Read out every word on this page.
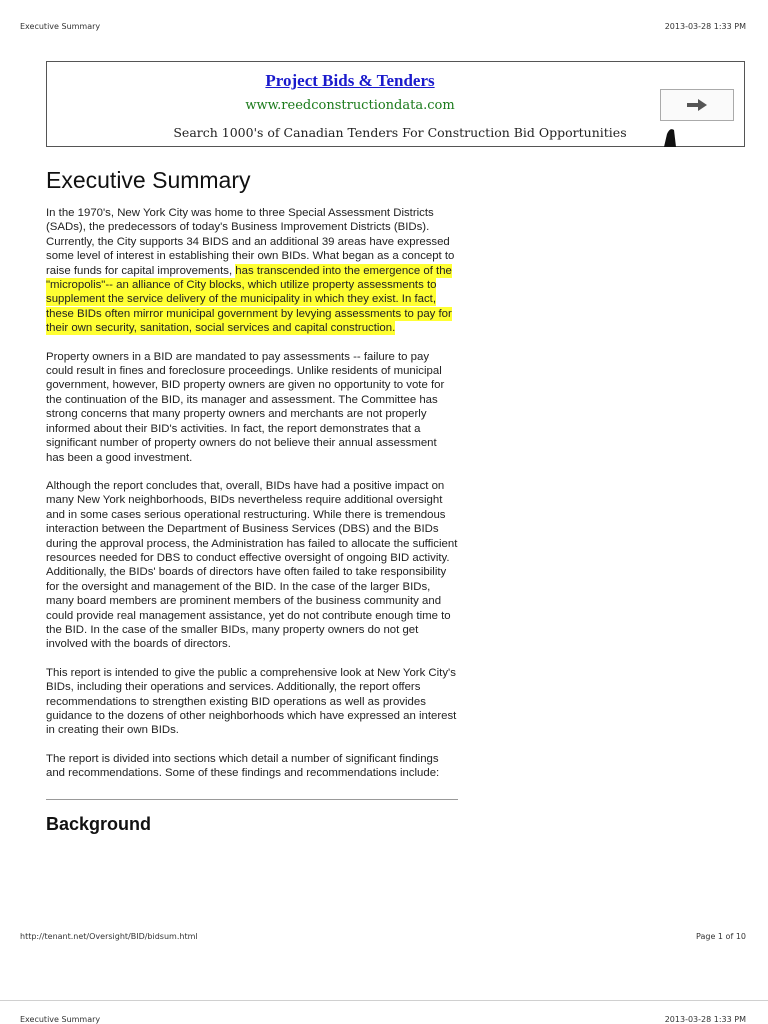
Executive Summary	2013-03-28 1:33 PM
Project Bids & Tenders
www.reedconstructiondata.com
Search 1000's of Canadian Tenders For Construction Bid Opportunities
Executive Summary

In the 1970's, New York City was home to three Special Assessment Districts (SADs), the predecessors of today's Business Improvement Districts (BIDs). Currently, the City supports 34 BIDS and an additional 39 areas have expressed some level of interest in establishing their own BIDs. What began as a concept to raise funds for capital improvements, has transcended into the emergence of the "micropolis"-- an alliance of City blocks, which utilize property assessments to supplement the service delivery of the municipality in which they exist. In fact, these BIDs often mirror municipal government by levying assessments to pay for their own security, sanitation, social services and capital construction.

Property owners in a BID are mandated to pay assessments -- failure to pay could result in fines and foreclosure proceedings. Unlike residents of municipal government, however, BID property owners are given no opportunity to vote for the continuation of the BID, its manager and assessment. The Committee has strong concerns that many property owners and merchants are not properly informed about their BID's activities. In fact, the report demonstrates that a significant number of property owners do not believe their annual assessment has been a good investment.

Although the report concludes that, overall, BIDs have had a positive impact on many New York neighborhoods, BIDs nevertheless require additional oversight and in some cases serious operational restructuring. While there is tremendous interaction between the Department of Business Services (DBS) and the BIDs during the approval process, the Administration has failed to allocate the sufficient resources needed for DBS to conduct effective oversight of ongoing BID activity. Additionally, the BIDs' boards of directors have often failed to take responsibility for the oversight and management of the BID. In the case of the larger BIDs, many board members are prominent members of the business community and could provide real management assistance, yet do not contribute enough time to the BID. In the case of the smaller BIDs, many property owners do not get involved with the boards of directors.

This report is intended to give the public a comprehensive look at New York City's BIDs, including their operations and services. Additionally, the report offers recommendations to strengthen existing BID operations as well as provides guidance to the dozens of other neighborhoods which have expressed an interest in creating their own BIDs.

The report is divided into sections which detail a number of significant findings and recommendations. Some of these findings and recommendations include:

Background
http://tenant.net/Oversight/BID/bidsum.html	Page 1 of 10
Executive Summary	2013-03-28 1:33 PM
